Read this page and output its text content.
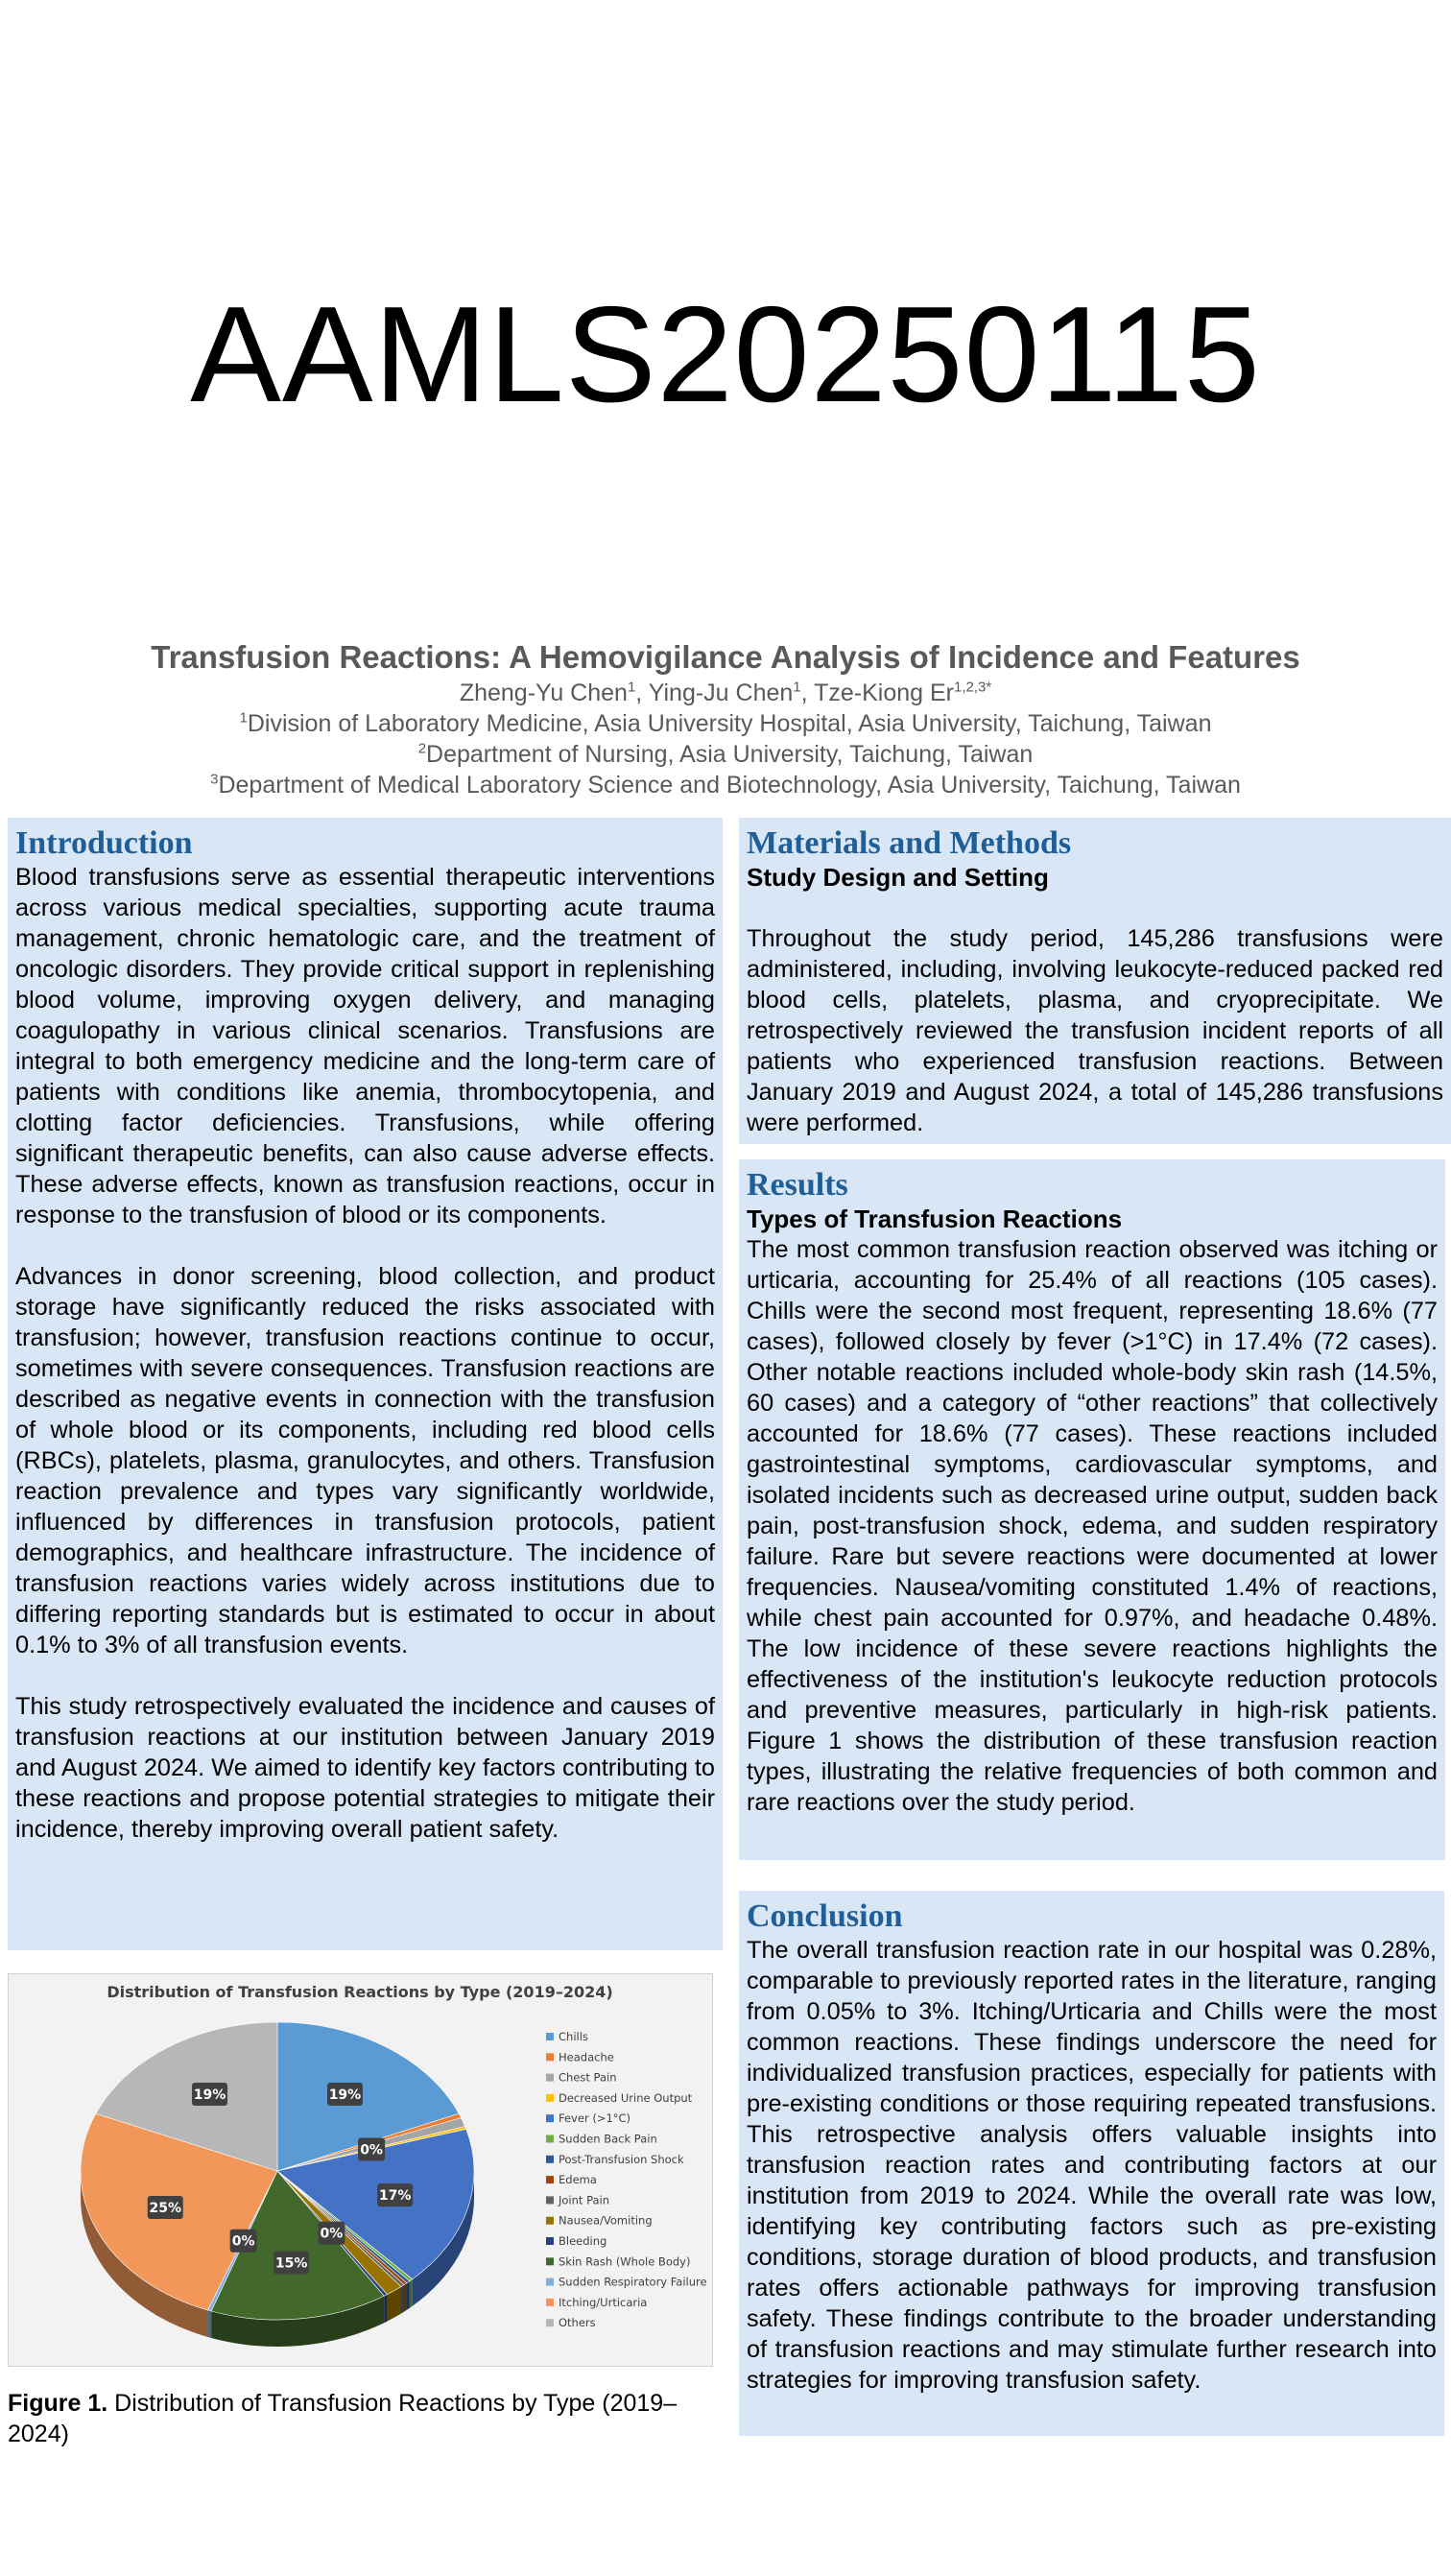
AAMLS20250115
Transfusion Reactions: A Hemovigilance Analysis of Incidence and Features
Zheng-Yu Chen$^1$, Ying-Ju Chen$^1$, Tze-Kiong $Er^{1,2,3*}$
$^1$Division of Laboratory Medicine, Asia University Hospital, Asia University, Taichung, Taiwan
$^2$Department of Nursing, Asia University, Taichung, Taiwan
$^3$Department of Medical Laboratory Science and Biotechnology, Asia University, Taichung, Taiwan
Introduction

Blood transfusions serve as essential therapeutic interventions across various medical specialties, supporting acute trauma management, chronic hematologic care, and the treatment of oncologic disorders. They provide critical support in replenishing blood volume, improving oxygen delivery, and managing coagulopathy in various clinical scenarios. Transfusions are integral to both emergency medicine and the long-term care of patients with conditions like anemia, thrombocytopenia, and clotting factor deficiencies. Transfusions, while offering significant therapeutic benefits, can also cause adverse effects. These adverse effects, known as transfusion reactions, occur in response to the transfusion of blood or its components.

Advances in donor screening, blood collection, and product storage have significantly reduced the risks associated with transfusion; however, transfusion reactions continue to occur, sometimes with severe consequences. Transfusion reactions are described as negative events in connection with the transfusion of whole blood or its components, including red blood cells (RBCs), platelets, plasma, granulocytes, and others. Transfusion reaction prevalence and types vary significantly worldwide, influenced by differences in transfusion protocols, patient demographics, and healthcare infrastructure. The incidence of transfusion reactions varies widely across institutions due to differing reporting standards but is estimated to occur in about 0.1% to 3% of all transfusion events.

This study retrospectively evaluated the incidence and causes of transfusion reactions at our institution between January 2019 and August 2024. We aimed to identify key factors contributing to these reactions and propose potential strategies to mitigate their incidence, thereby improving overall patient safety.

Materials and Methods
Study Design and Setting

Throughout the study period, 145,286 transfusions were administered, including, involving leukocyte-reduced packed red blood cells, platelets, plasma, and cryoprecipitate. We retrospectively reviewed the transfusion incident reports of all patients who experienced transfusion reactions. Between January 2019 and August 2024, a total of 145,286 transfusions were performed.

Results
Types of Transfusion Reactions

The most common transfusion reaction observed was itching or urticaria, accounting for 25.4% of all reactions (105 cases). Chills were the second most frequent, representing 18.6% (77 cases), followed closely by fever (>1°C) in 17.4% (72 cases). Other notable reactions included whole-body skin rash (14.5%, 60 cases) and a category of “other reactions” that collectively accounted for 18.6% (77 cases). These reactions included gastrointestinal symptoms, cardiovascular symptoms, and isolated incidents such as decreased urine output, sudden back pain, post-transfusion shock, edema, and sudden respiratory failure. Rare but severe reactions were documented at lower frequencies. Nausea/vomiting constituted 1.4% of reactions, while chest pain accounted for 0.97%, and headache 0.48%. The low incidence of these severe reactions highlights the effectiveness of the institution's leukocyte reduction protocols and preventive measures, particularly in high-risk patients. Figure 1 shows the distribution of these transfusion reaction types, illustrating the relative frequencies of both common and rare reactions over the study period.

Conclusion

The overall transfusion reaction rate in our hospital was 0.28%, comparable to previously reported rates in the literature, ranging from 0.05% to 3%. Itching/Urticaria and Chills were the most common reactions. These findings underscore the need for individualized transfusion practices, especially for patients with pre-existing conditions or those requiring repeated transfusions. This retrospective analysis offers valuable insights into transfusion reaction rates and contributing factors at our institution from 2019 to 2024. While the overall rate was low, identifying key contributing factors such as pre-existing conditions, storage duration of blood products, and transfusion rates offers actionable pathways for improving transfusion safety. These findings contribute to the broader understanding of transfusion reactions and may stimulate further research into strategies for improving transfusion safety.

Distribution of Transfusion Reactions by Type (2019–2024)
19%
0%
17%
0%
15%
0%
25%
19%
Chills
Headache
Chest Pain
Decreased Urine Output
Fever (>1°C)
Sudden Back Pain
Post-Transfusion Shock
Edema
Joint Pain
Nausea/Vomiting
Bleeding
Skin Rash (Whole Body)
Sudden Respiratory Failure
Itching/Urticaria
Others
Figure 1. Distribution of Transfusion Reactions by Type (2019–2024)
